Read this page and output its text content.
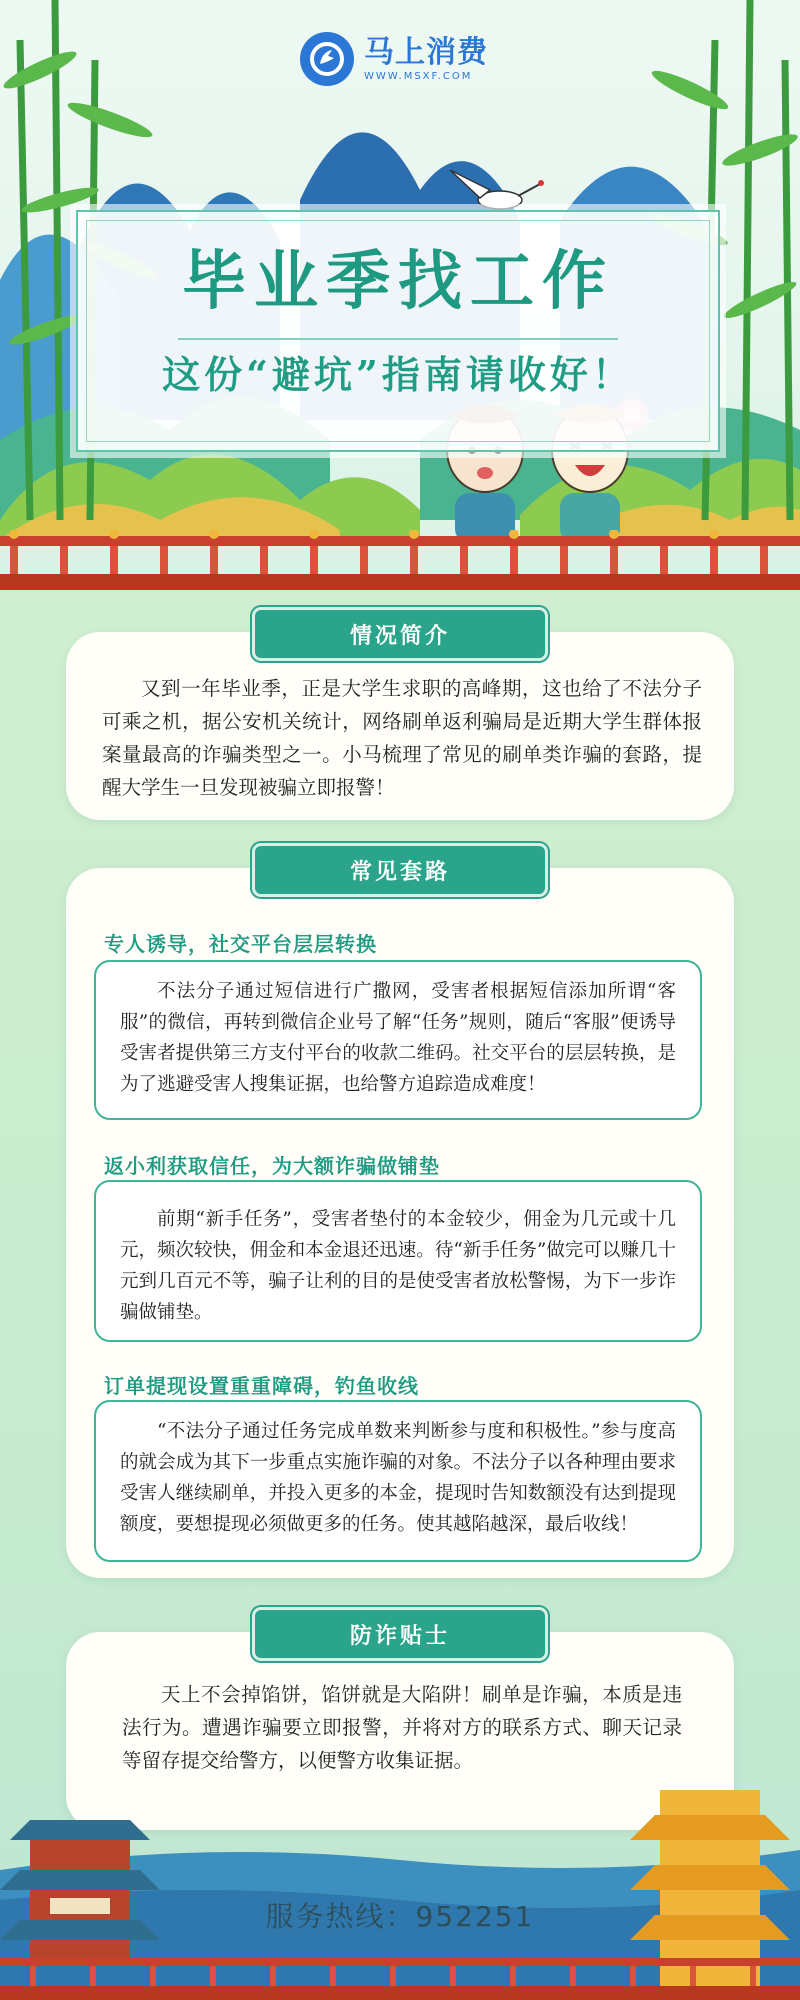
马上消费
WWW.MSXF.COM
毕业季找工作
这份“避坑”指南请收好！
又到一年毕业季，正是大学生求职的高峰期，这也给了不法分子可乘之机，据公安机关统计，网络刷单返利骗局是近期大学生群体报案量最高的诈骗类型之一。小马梳理了常见的刷单类诈骗的套路，提醒大学生一旦发现被骗立即报警！
情况简介
专人诱导，社交平台层层转换
不法分子通过短信进行广撒网，受害者根据短信添加所谓“客服”的微信，再转到微信企业号了解“任务”规则，随后“客服”便诱导受害者提供第三方支付平台的收款二维码。社交平台的层层转换，是为了逃避受害人搜集证据，也给警方追踪造成难度！
返小利获取信任，为大额诈骗做铺垫
前期“新手任务”，受害者垫付的本金较少，佣金为几元或十几元，频次较快，佣金和本金退还迅速。待“新手任务”做完可以赚几十元到几百元不等，骗子让利的目的是使受害者放松警惕，为下一步诈骗做铺垫。
订单提现设置重重障碍，钓鱼收线
“不法分子通过任务完成单数来判断参与度和积极性。”参与度高的就会成为其下一步重点实施诈骗的对象。不法分子以各种理由要求受害人继续刷单，并投入更多的本金，提现时告知数额没有达到提现额度，要想提现必须做更多的任务。使其越陷越深，最后收线！
常见套路
天上不会掉馅饼，馅饼就是大陷阱！刷单是诈骗，本质是违法行为。遭遇诈骗要立即报警，并将对方的联系方式、聊天记录等留存提交给警方，以便警方收集证据。
防诈贴士
服务热线：952251
